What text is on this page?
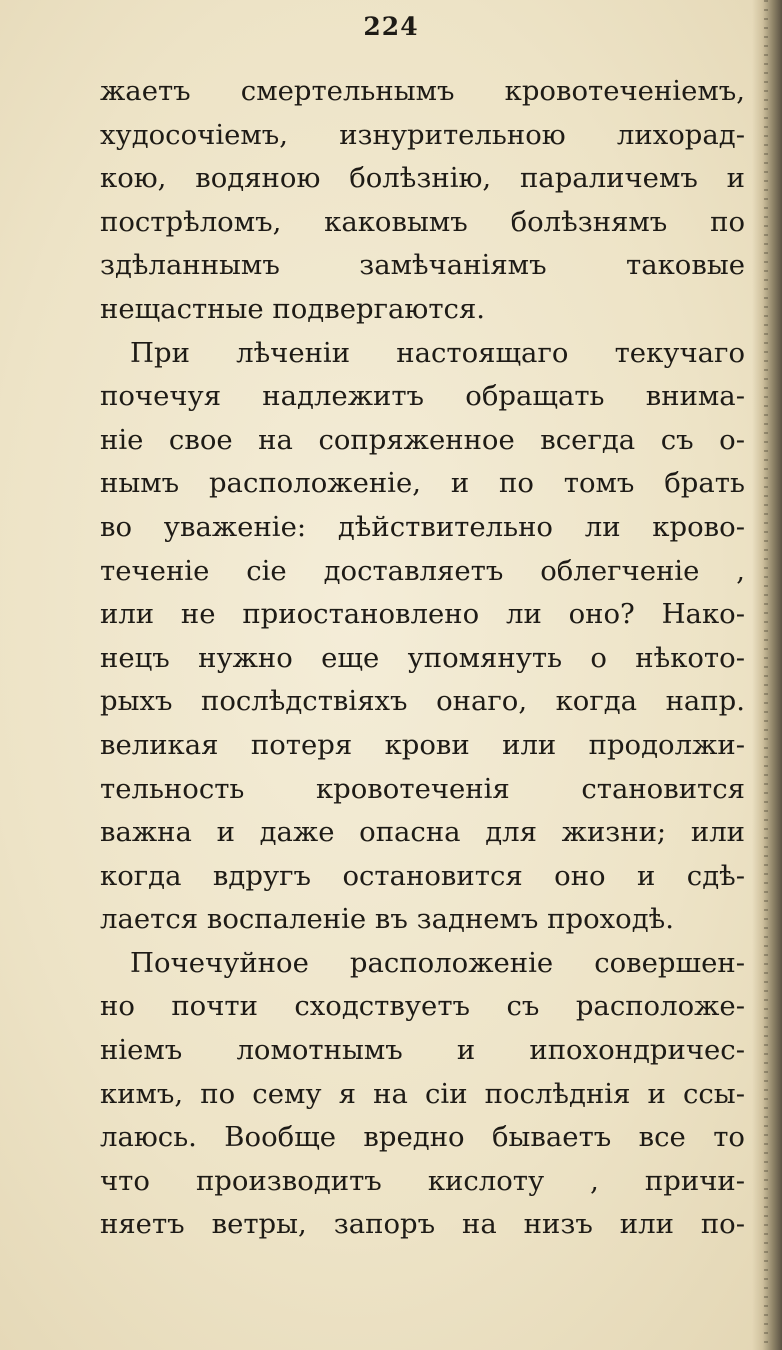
224
жаетъ смертельнымъ кровотеченіемъ,
худосочіемъ, изнурительною лихорад-
кою, водяною болѣзнію, параличемъ и
пострѣломъ, каковымъ болѣзнямъ по
здѣланнымъ замѣчаніямъ таковые
нещастные подвергаются.
При лѣченіи настоящаго текучаго
почечуя надлежитъ обращать внима-
ніе свое на сопряженное всегда съ о-
нымъ расположеніе, и по томъ брать
во уваженіе: дѣйствительно ли крово-
теченіе сіе доставляетъ облегченіе ,
или не приостановлено ли оно? Нако-
нецъ нужно еще упомянуть о нѣкото-
рыхъ послѣдствіяхъ онаго, когда напр.
великая потеря крови или продолжи-
тельность кровотеченія становится
важна и даже опасна для жизни; или
когда вдругъ остановится оно и сдѣ-
лается воспаленіе въ заднемъ проходѣ.
Почечуйное расположеніе совершен-
но почти сходствуетъ съ расположе-
ніемъ ломотнымъ и ипохондричес-
кимъ, по сему я на сіи послѣднія и ссы-
лаюсь. Вообще вредно бываетъ все то
что производитъ кислоту , причи-
няетъ ветры, запоръ на низъ или по-
